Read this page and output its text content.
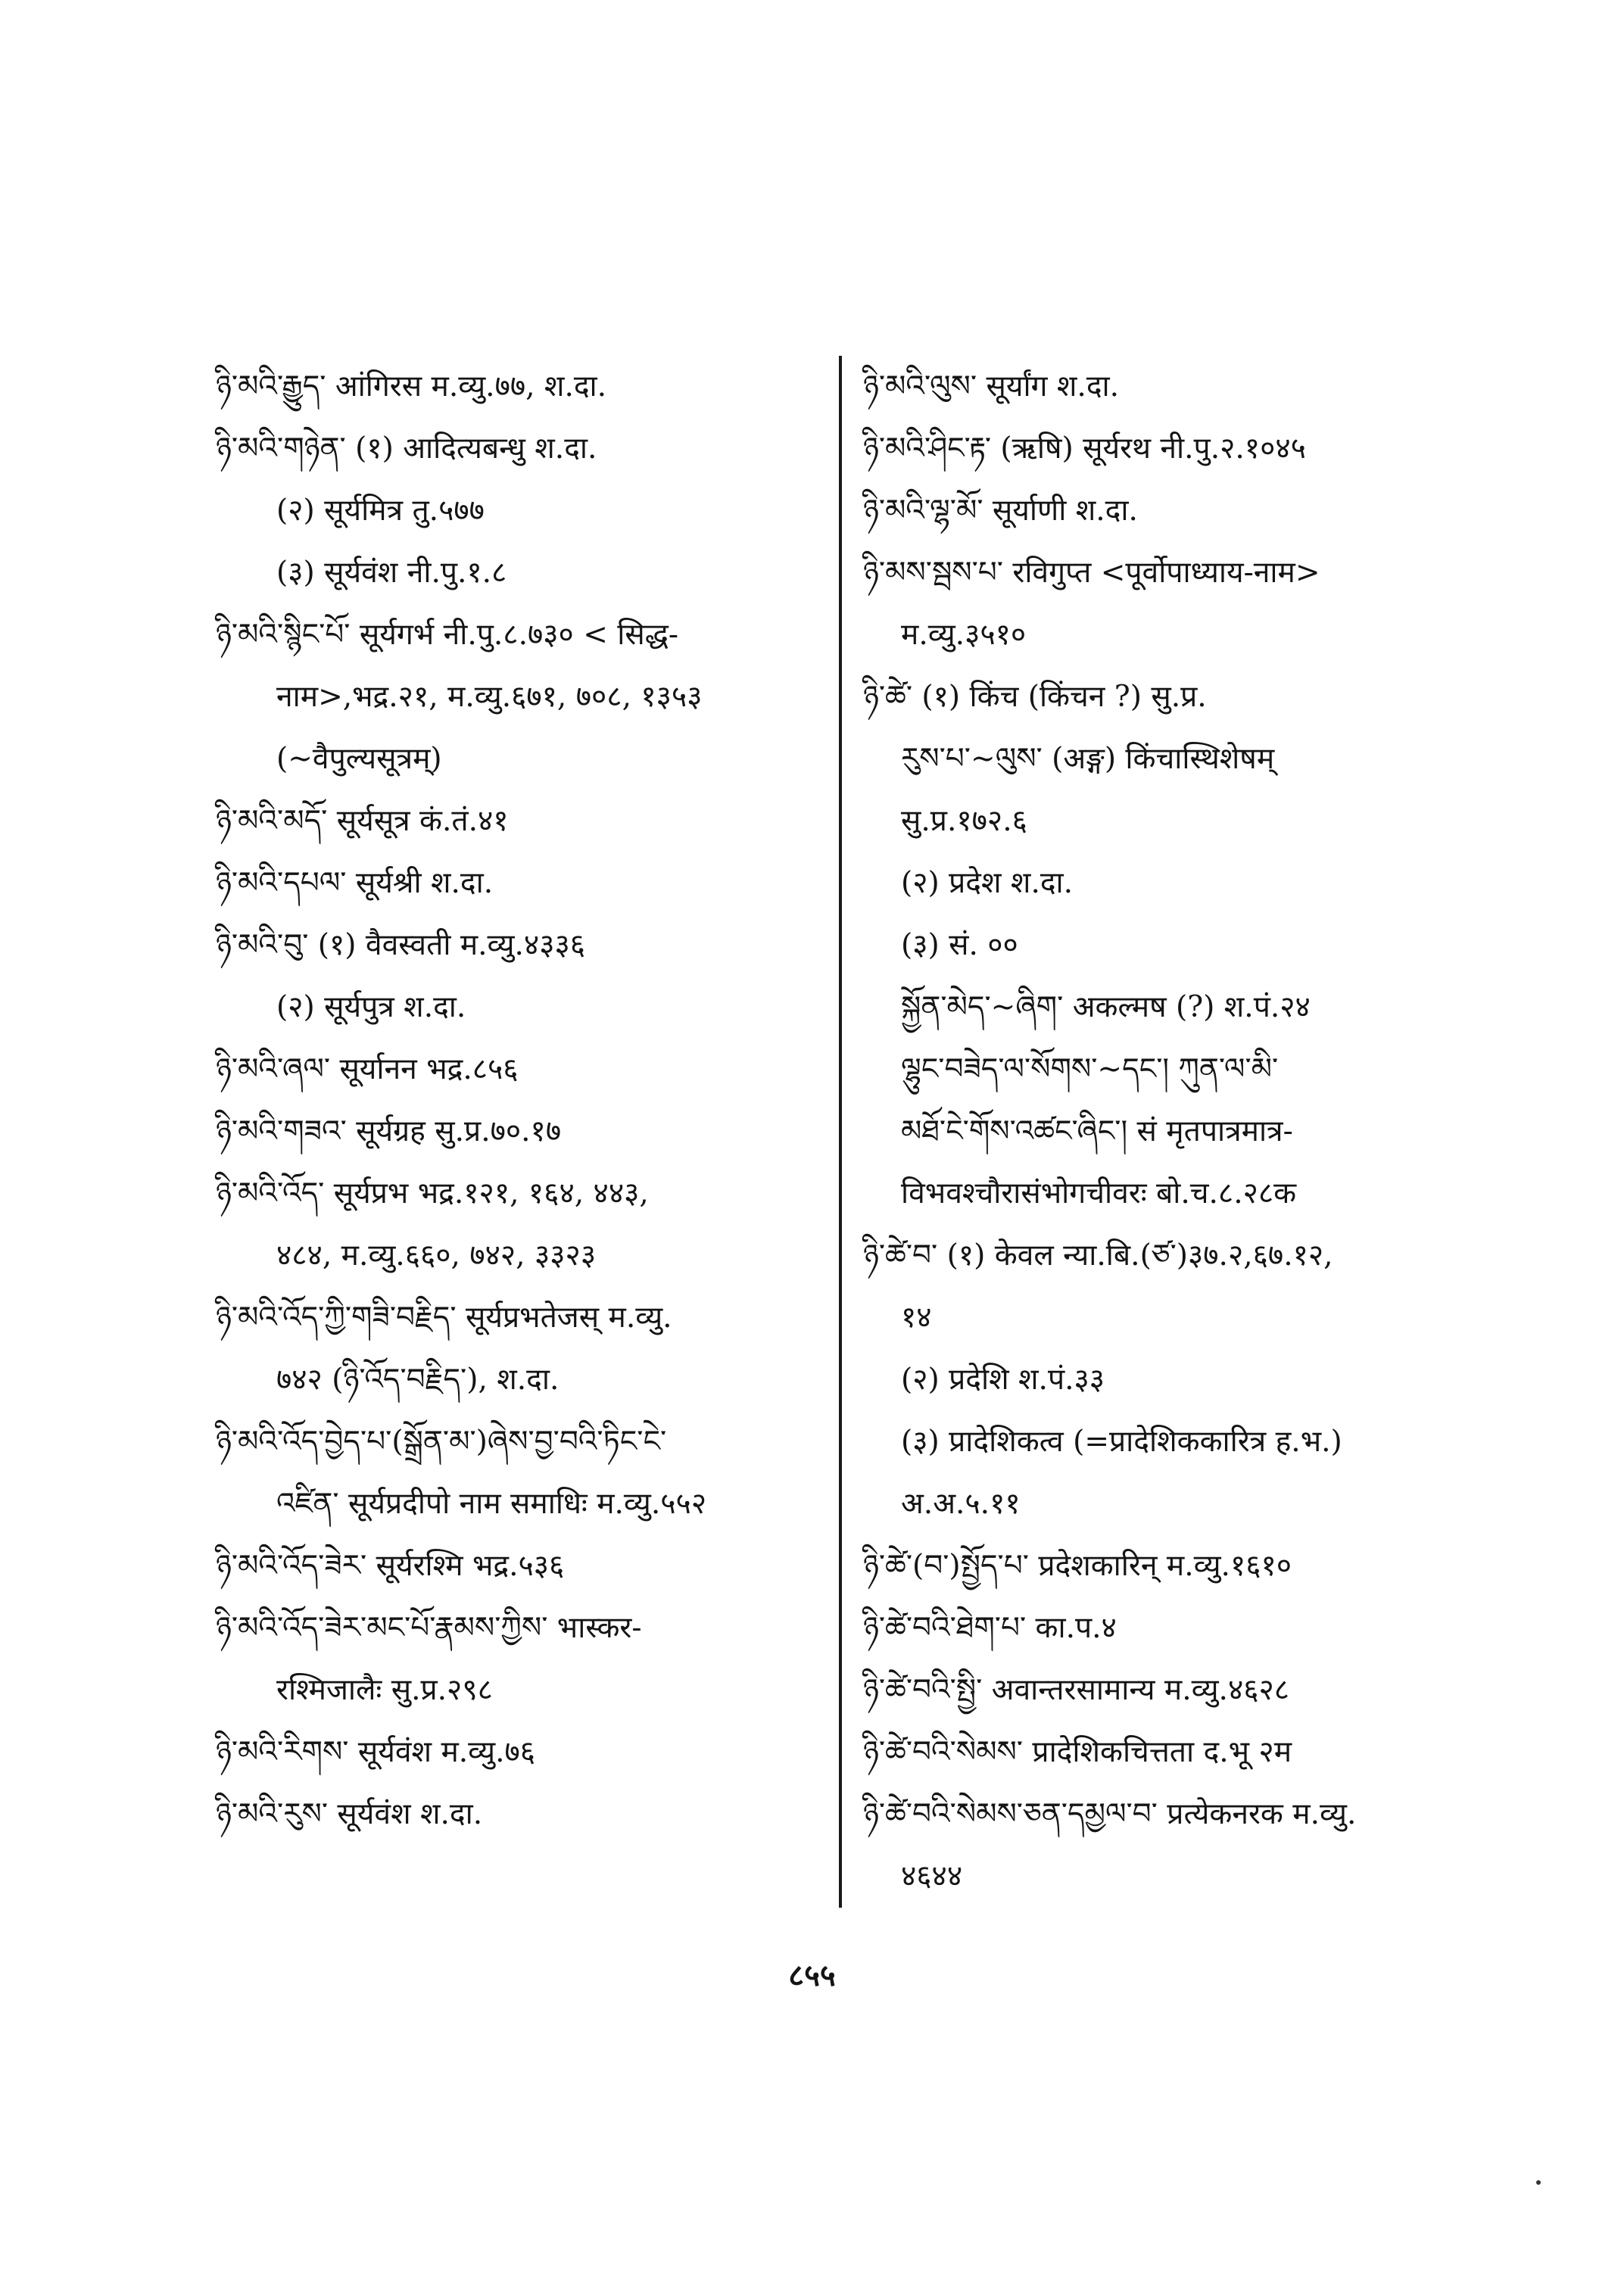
ཉི་མའི་རྒྱུད་ आंगिरस म.व्यु.७७, श.दा.
ཉི་མའི་གཉེན་ (१) आदित्यबन्धु श.दा.
(२) सूर्यमित्र तु.५७७
(३) सूर्यवंश नी.पु.१.८
ཉི་མའི་སྙིང་པོ་ सूर्यगर्भ नी.पु.८.७३० < सिद्ध-
नाम>,भद्र.२१, म.व्यु.६७१, ७०८, १३५३
(~वैपुल्यसूत्रम्)
ཉི་མའི་མདོ་ सूर्यसूत्र कं.तं.४१
ཉི་མའི་དཔལ་ सूर्यश्री श.दा.
ཉི་མའི་བུ་ (१) वैवस्वती म.व्यु.४३३६
(२) सूर्यपुत्र श.दा.
ཉི་མའི་ཞལ་ सूर्यानन भद्र.८५६
ཉི་མའི་གཟའ་ सूर्यग्रह सु.प्र.७०.१७
ཉི་མའི་འོད་ सूर्यप्रभ भद्र.१२१, १६४, ४४३,
४८४, म.व्यु.६६०, ७४२, ३३२३
ཉི་མའི་འོད་ཀྱི་གཟི་བརྗིད་ सूर्यप्रभतेजस् म.व्यु.
७४२ (ཉི་འོད་བརྗིད་), श.दा.
ཉི་མའི་འོད་བྱེད་པ་(སྒྲོན་མ་)ཞེས་བྱ་བའི་ཏིང་ངེ་
འཛིན་ सूर्यप्रदीपो नाम समाधिः म.व्यु.५५२
ཉི་མའི་འོད་ཟེར་ सूर्यरश्मि भद्र.५३६
ཉི་མའི་འོད་ཟེར་མང་པོ་རྣམས་ཀྱིས་ भास्कर-
रश्मिजालैः सु.प्र.२९८
ཉི་མའི་རིགས་ सूर्यवंश म.व्यु.७६
ཉི་མའི་རུས་ सूर्यवंश श.दा.
ཉི་མའི་ལུས་ सूर्यांग श.दा.
ཉི་མའི་ཤིང་རྟ་ (ऋषि) सूर्यरथ नी.पु.२.१०४५
ཉི་མའི་ལྷ་མོ་ सूर्याणी श.दा.
ཉི་མས་སྦས་པ་ रविगुप्त <पूर्वोपाध्याय-नाम>
म.व्यु.३५१०
ཉི་ཚེ་ (१) किंच (किंचन ?) सु.प्र.
རུས་པ་~ལུས་ (अङ्ग) किंचास्थिशेषम्
सु.प्र.१७२.६
(२) प्रदेश श.दा.
(३) सं. ००
སྐྱོན་མེད་~ཞིག་ अकल्मष (?) श.पं.२४
ལྷུང་བཟེད་ལ་སོགས་~དང་། ཀུན་ལ་མི་
མཐོ་ངེ་གོས་འཚང་ཞིང་། सं मृतपात्रमात्र-
विभवश्चौरासंभोगचीवरः बो.च.८.२८क
ཉི་ཚེ་བ་ (१) केवल न्या.बि.(ཙ་)३७.२,६७.१२,
१४
(२) प्रदेशि श.पं.३३
(३) प्रादेशिकत्व (=प्रादेशिककारित्र ह.भ.)
अ.अ.५.११
ཉི་ཚེ་(བ་)སྤྱོད་པ་ प्रदेशकारिन् म.व्यु.१६१०
ཉི་ཚེ་བའི་ཐེག་པ་ का.प.४
ཉི་ཚེ་བའི་སྤྱི་ अवान्तरसामान्य म.व्यु.४६२८
ཉི་ཚེ་བའི་སེམས་ प्रादेशिकचित्तता द.भू २म
ཉི་ཚེ་བའི་སེམས་ཅན་དམྱལ་བ་ प्रत्येकनरक म.व्यु.
४६४४
८५५
